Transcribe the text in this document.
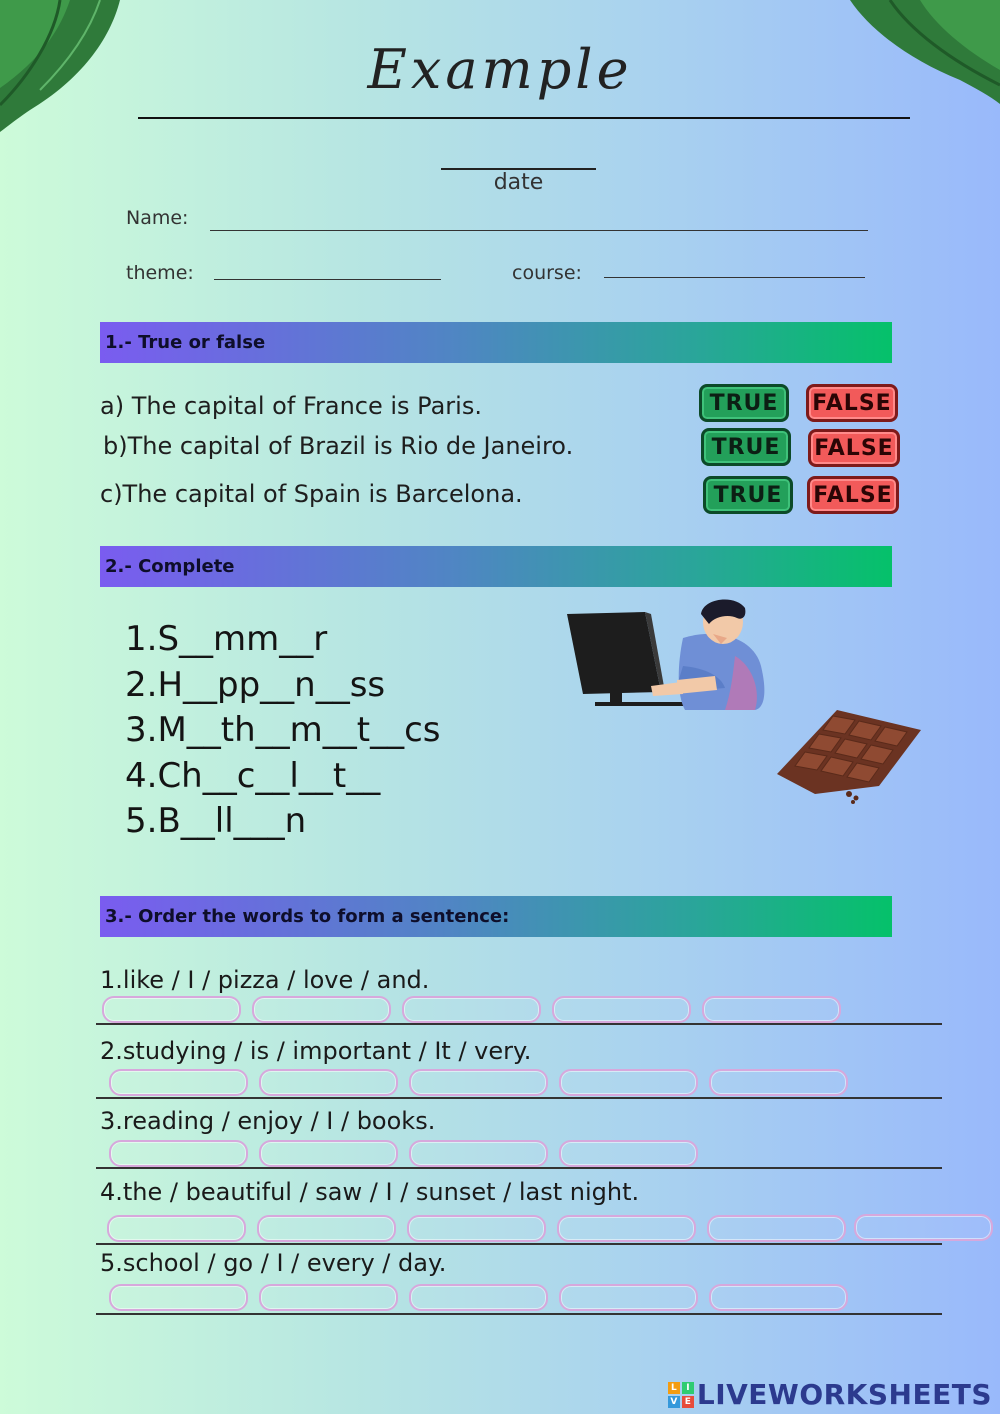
Example
date
Name:
theme:	course:
1.- True or false
a) The capital of France is Paris.	TRUE	FALSE
b)The capital of Brazil is Rio de Janeiro.	TRUE	FALSE
c)The capital of Spain is Barcelona.	TRUE	FALSE
2.- Complete
1.S__mm__r
2.H__pp__n__ss
3.M__th__m__t__cs
4.Ch__c__l__t__
5.B__ll___n
3.- Order the words to form a sentence:
1.like / I / pizza / love / and.
2.studying / is / important / It / very.
3.reading / enjoy / I / books.
4.the / beautiful / saw / I / sunset / last night.
5.school / go / I / every / day.
L	I
V E LIVEWORKSHEETS
